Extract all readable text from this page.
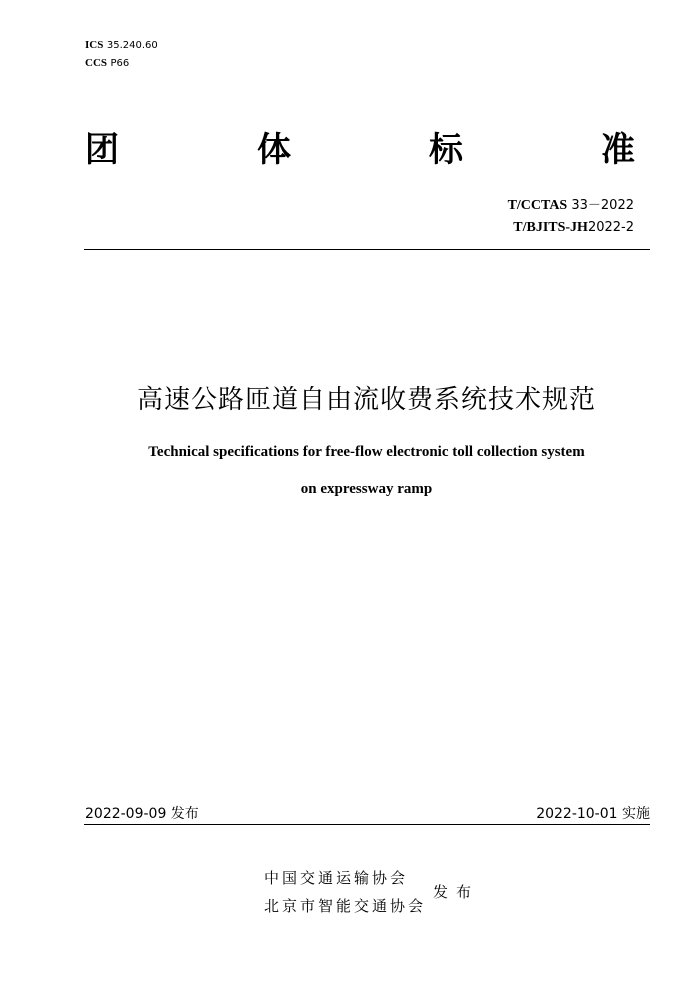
ICS 35.240.60
CCS P66
团	体	标	准
T/CCTAS 33－2022
T/BJITS-JH2022-2
高速公路匝道自由流收费系统技术规范
Technical specifications for free-flow electronic toll collection system
on expressway ramp
2022-09-09 发布	2022-10-01 实施
中国交通运输协会
北京市智能交通协会
发布
